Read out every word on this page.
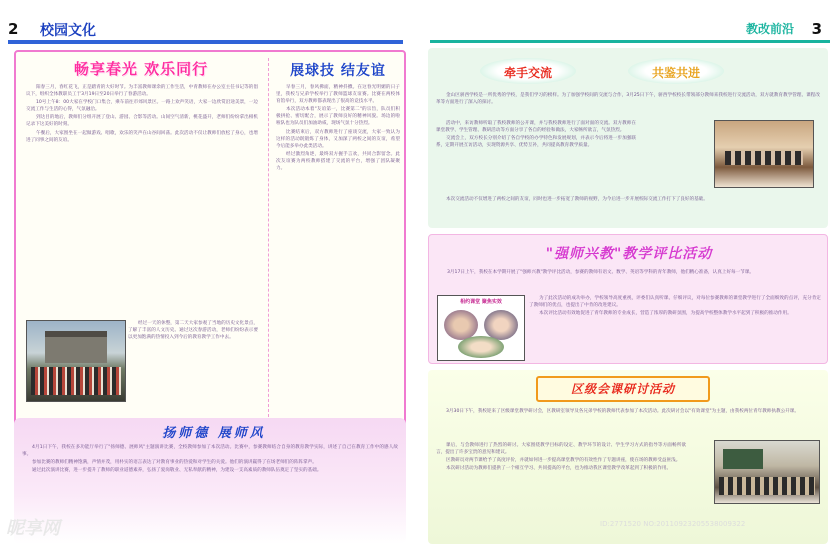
2 校园文化	教改前沿 3
畅享春光 欢乐同行

阳春三月，春红花飞，正是踏青的大好时节。为丰富教师课余的工作生活，中青教师在办公室主任书记等的倡议下，组织全体教职员工于3月19日至20日举行了春游活动。

10号上午8：00大家在学校门口集合，乘车前往市郊风景区。一路上欢声笑语，大家一边欣赏沿途美景，一边交流工作与生活的心得，气氛融洽。

到达目的地后，教师们分组开展了登山、游园、合影等活动。山间空气清新，桃花盛开，老师们纷纷拿出相机记录下这美好的时刻。

午餐后，大家围坐在一起做游戏、唱歌，欢乐的笑声在山谷间回荡。此次活动不仅让教师们放松了身心，也增进了同事之间的友谊。

经过一天的休整，第二天大家参观了当地的历史文化景点，了解了丰富的人文历史。通过这次春游活动，老师们纷纷表示要以更加饱满的热情投入到今后的教育教学工作中去。

展球技 结友谊

早春三月，春风拂面，精神抖擞。在这春光明媚的日子里，我校与兄弟学校举行了教师篮球友谊赛。比赛在两校体育馆举行，双方教师都表现出了很高的竞技水平。

本次活动本着"友谊第一，比赛第二"的宗旨，队员们积极拼抢、密切配合，展示了教师良好的精神风貌。场边的啦啦队也为队员们加油助威，现场气氛十分热烈。

比赛结束后，双方教师进行了座谈交流，大家一致认为这样的活动既锻炼了身体，又加深了两校之间的友谊，希望今后能多举办此类活动。

经过激烈角逐，最终双方握手言欢，共同合影留念。此次友谊赛为两校教师搭建了交流的平台，增强了团队凝聚力。

扬师德 展师风

4月1日下午，我校在多功能厅举行了"扬师德、展师风"主题演讲比赛，全校教师参加了本次活动。比赛中，参赛教师结合自身的教育教学实际，讲述了自己在教育工作中的感人故事。

参加比赛的教师们精神饱满，声情并茂，用朴实的语言表达了对教育事业的热爱和对学生的关爱。他们的演讲赢得了在场老师们的阵阵掌声。

通过此次演讲比赛，进一步提升了教师的职业道德素养，弘扬了爱岗敬业、无私奉献的精神，为建设一支高素质的教师队伍奠定了坚实的基础。

牵手交流	共鉴共进

金山区骈西学校是一所优秀的学校，是我们学习的榜样。为了加强学校间的交流与合作，3月25日下午，骈西学校校长带领部分教师来我校进行交流活动，双方就教育教学管理、课程改革等方面进行了深入的探讨。

活动中，来访教师听取了我校教师的公开课，并与我校教师进行了面对面的交流。双方教师在课堂教学、学生管理、教研活动等方面分享了各自的经验和做法，大家畅所欲言，气氛热烈。

交流会上，双方校长分别介绍了各自学校的办学特色和发展规划，并表示今后将进一步加强联系，定期开展互访活动，实现资源共享、优势互补，共同提高教育教学质量。

本次交流活动不仅增进了两校之间的友谊，同时也进一步拓宽了教师的视野，为今后进一步开展校际交流工作打下了良好的基础。

"强师兴教"教学评比活动

3月17日上午，我校在本学期开展了"强师兴教"教学评比活动，参赛的教师有语文、数学、英语等学科的青年教师，他们精心准备，认真上好每一节课。

相约课堂 聚焦实效

为了此次活动的成功举办，学校领导高度重视，评委们认真听课、仔细评议，对每位参赛教师的课堂教学进行了全面细致的点评，充分肯定了教师们的优点，也提出了中肯的改进建议。

本次评比活动有效地促进了青年教师的专业成长，营造了浓厚的教研氛围，为提高学校整体教学水平起到了积极的推动作用。

区级会课研讨活动

3月30日下午，我校迎来了区级课堂教学研讨会，区教研室领导及各兄弟学校的教师代表参加了本次活动。此次研讨会以"有效课堂"为主题，由我校两位青年教师执教公开课。

课后，与会教师进行了热烈的研讨。大家围绕教学目标的设定、教学环节的设计、学生学习方式的指导等方面畅所欲言，提出了许多宝贵的意见和建议。

区教研员对两节课给予了高度评价，并就如何进一步提高课堂教学的有效性作了专题讲座，使在场的教师受益匪浅。

本次研讨活动为教师们提供了一个相互学习、共同提高的平台，也为推动我区课堂教学改革起到了积极的作用。

昵享网	ID:2771520 NO:20110923205538009322
